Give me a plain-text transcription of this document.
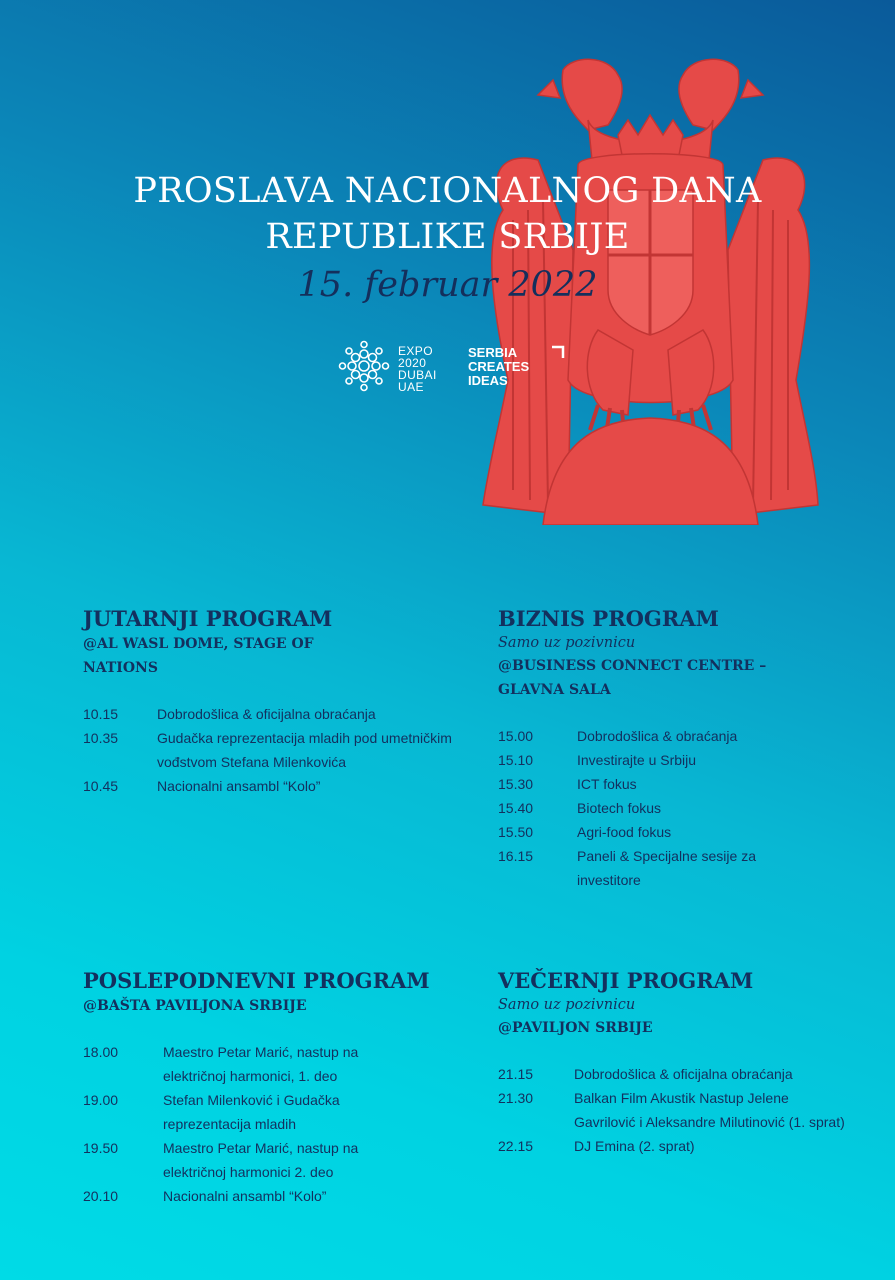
PROSLAVA NACIONALNOG DANA
REPUBLIKE SRBIJE
15. februar 2022
EXPO
2020
DUBAI
UAE
SERBIA
CREATES
IDEAS
JUTARNJI PROGRAM
@AL WASL DOME, STAGE OF NATIONS
10.15	Dobrodošlica & oficijalna obraćanja
10.35	Gudačka reprezentacija mladih pod umetničkim vođstvom Stefana Milenkovića
10.45	Nacionalni ansambl “Kolo”
BIZNIS PROGRAM
Samo uz pozivnicu
@BUSINESS CONNECT CENTRE – GLAVNA SALA
15.00	Dobrodošlica & obraćanja
15.10	Investirajte u Srbiju
15.30	ICT fokus
15.40	Biotech fokus
15.50	Agri-food fokus
16.15	Paneli & Specijalne sesije za investitore
POSLEPODNEVNI PROGRAM
@BAŠTA PAVILJONA SRBIJE
18.00	Maestro Petar Marić, nastup na električnoj harmonici, 1. deo
19.00	Stefan Milenković i Gudačka reprezentacija mladih
19.50	Maestro Petar Marić, nastup na električnoj harmonici 2. deo
20.10	Nacionalni ansambl “Kolo”
VEČERNJI PROGRAM
Samo uz pozivnicu
@PAVILJON SRBIJE
21.15	Dobrodošlica & oficijalna obraćanja
21.30	Balkan Film Akustik Nastup Jelene Gavrilović i Aleksandre Milutinović (1. sprat)
22.15	DJ Emina (2. sprat)
